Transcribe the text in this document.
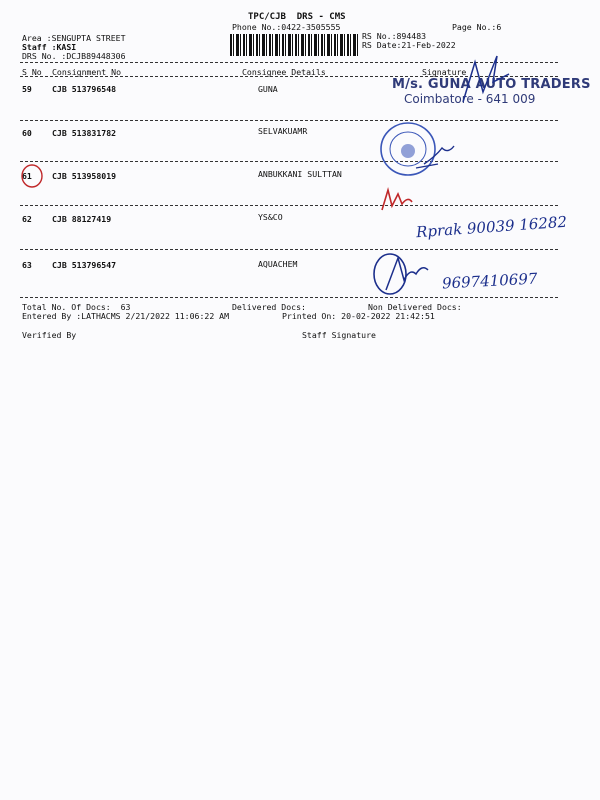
TPC/CJB  DRS - CMS
Phone No.:0422-3505555
Area :SENGUPTA STREET
Staff :KASI
DRS No. :DCJB89448306
RS No.:894483
RS Date:21-Feb-2022
Page No.:6
S No Consignment No	Consignee Details	Signature
59 CJB 513796548	GUNA
60 CJB 513831782	SELVAKUAMR
61 CJB 513958019	ANBUKKANI SULTTAN
62 CJB 88127419	YS&CO
63 CJB 513796547	AQUACHEM
Total No. Of Docs:  63	Delivered Docs:	Non Delivered Docs:
Entered By :LATHACMS 2/21/2022 11:06:22 AM	Printed On: 20-02-2022 21:42:51
Verified By	Staff Signature
M/s. GUNA AUTO TRADERS
Coimbatore - 641 009
Rprak 90039 16282
9697410697
